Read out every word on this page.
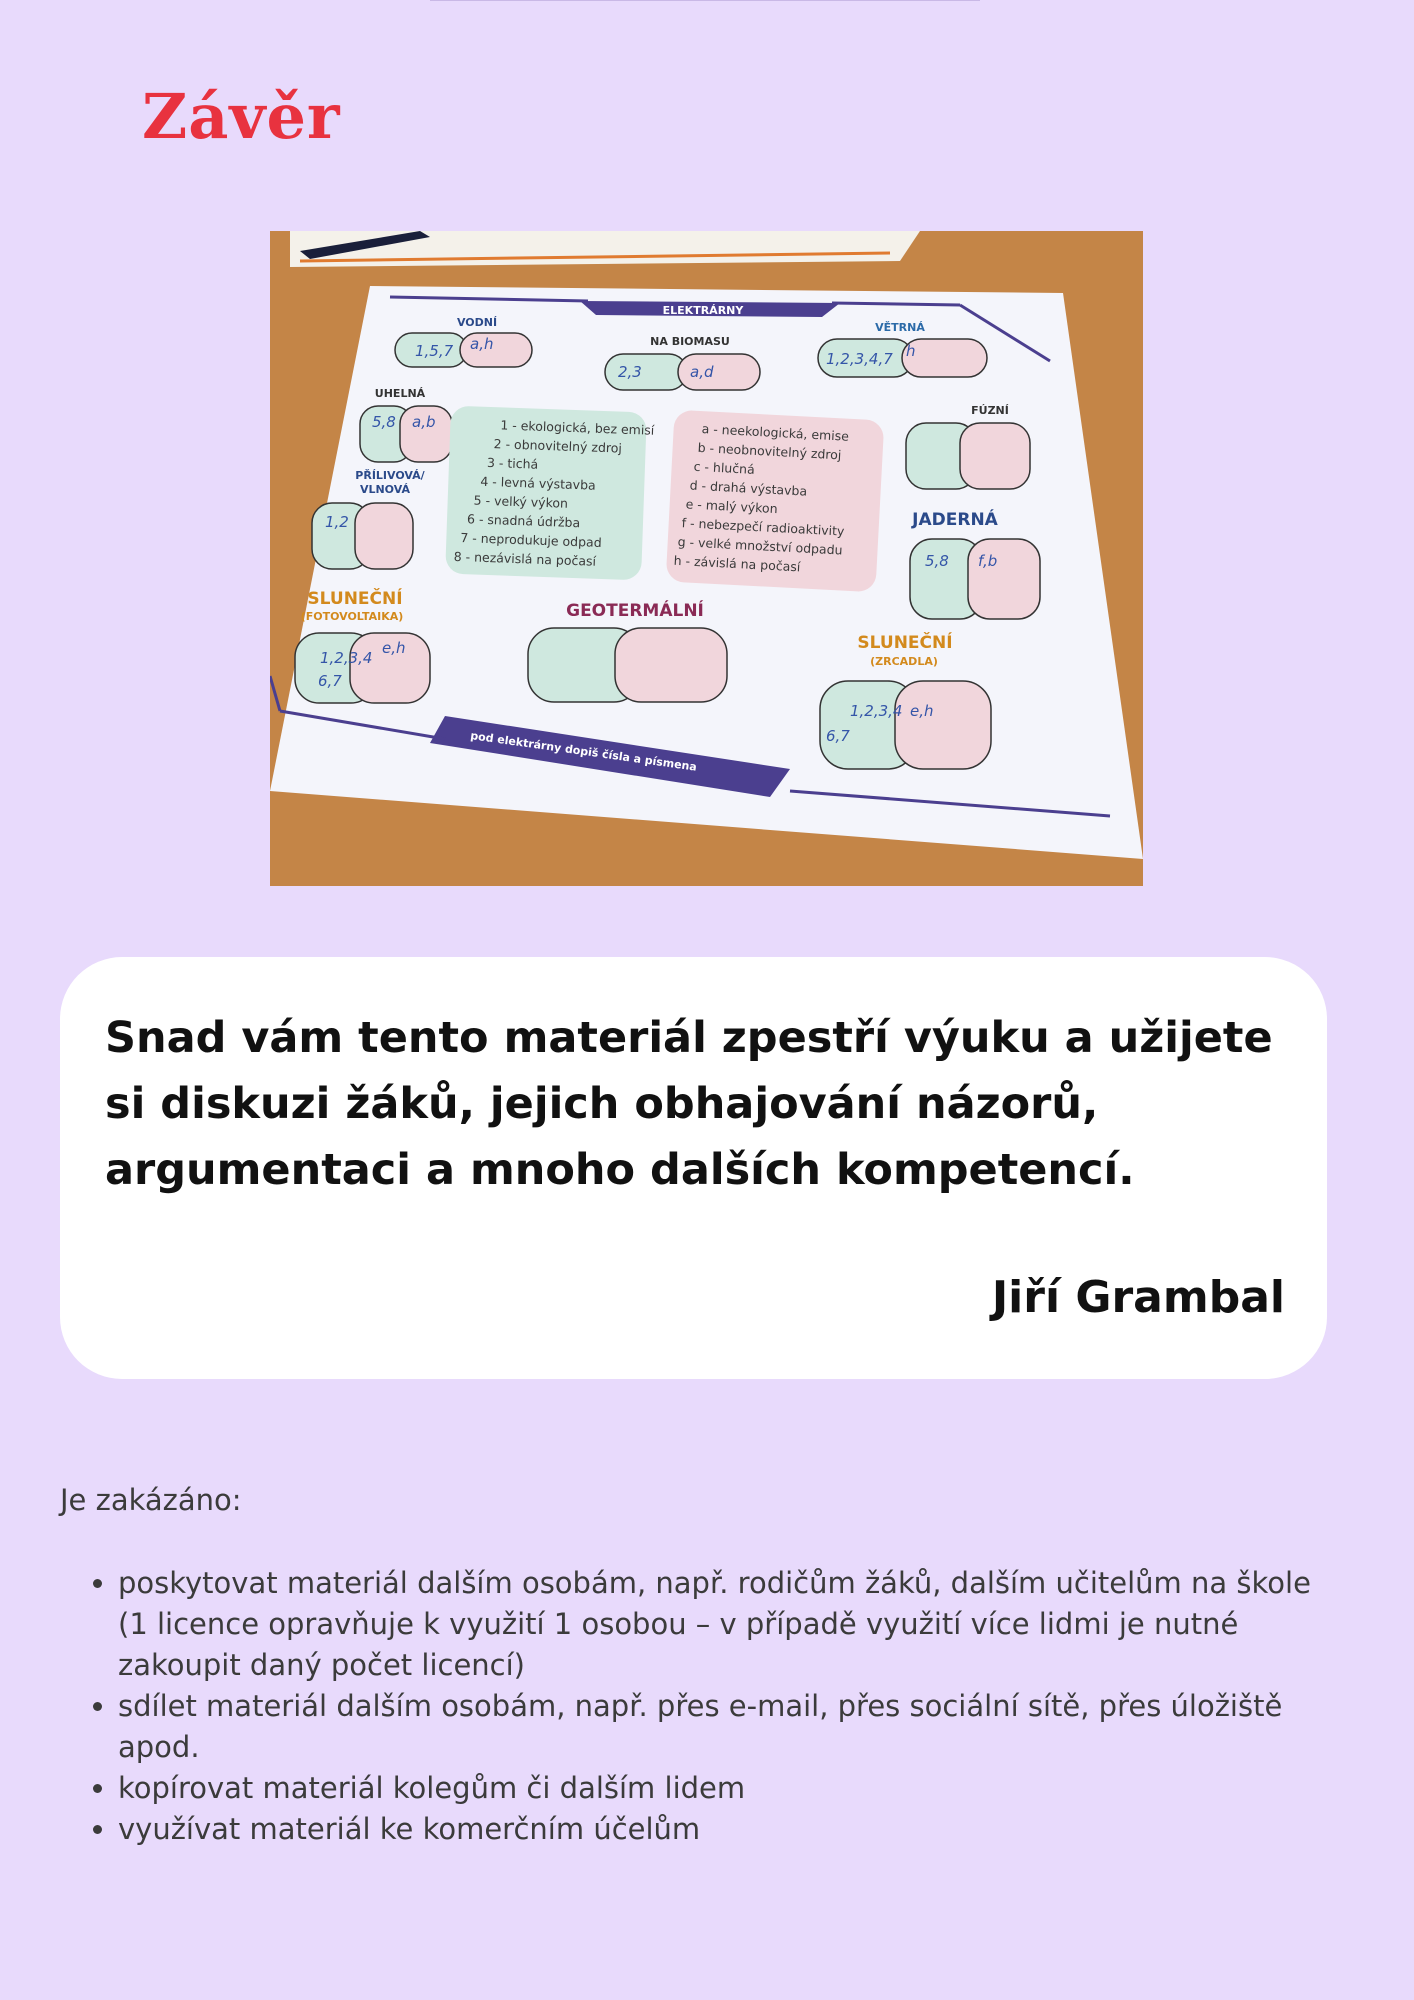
Závěr
ELEKTRÁRNY
VODNÍ
1,5,7 a,h	NA BIOMASU
2,3	a,d
VĚTRNÁ
1,2,3,4,7 h
UHELNÁ
5,8 a,b
FÚZNÍ
PŘÍLIVOVÁ/
VLNOVÁ
1,2	JADERNÁ
5,8 f,b
1 - ekologická, bez emisí
2 - obnovitelný zdroj
3 - tichá
4 - levná výstavba
5 - velký výkon
6 - snadná údržba
7 - neprodukuje odpad
8 - nezávislá na počasí
a - neekologická, emise
b - neobnovitelný zdroj
c - hlučná
d - drahá výstavba
e - malý výkon
f - nebezpečí radioaktivity
g - velké množství odpadu
h - závislá na počasí
SLUNEČNÍ
(FOTOVOLTAIKA)
1,2,3,4
6,7
e,h
GEOTERMÁLNÍ
SLUNEČNÍ
(ZRCADLA)
1,2,3,4
6,7
e,h
pod elektrárny dopiš čísla a písmena

Snad vám tento materiál zpestří výuku a užijete si diskuzi žáků, jejich obhajování názorů, argumentaci a mnoho dalších kompetencí.

Jiří Grambal

Je zakázáno:

• poskytovat materiál dalším osobám, např. rodičům žáků, dalším učitelům na škole (1 licence opravňuje k využití 1 osobou – v případě využití více lidmi je nutné zakoupit daný počet licencí)
• sdílet materiál dalším osobám, např. přes e-mail, přes sociální sítě, přes úložiště apod.
• kopírovat materiál kolegům či dalším lidem
• využívat materiál ke komerčním účelům
